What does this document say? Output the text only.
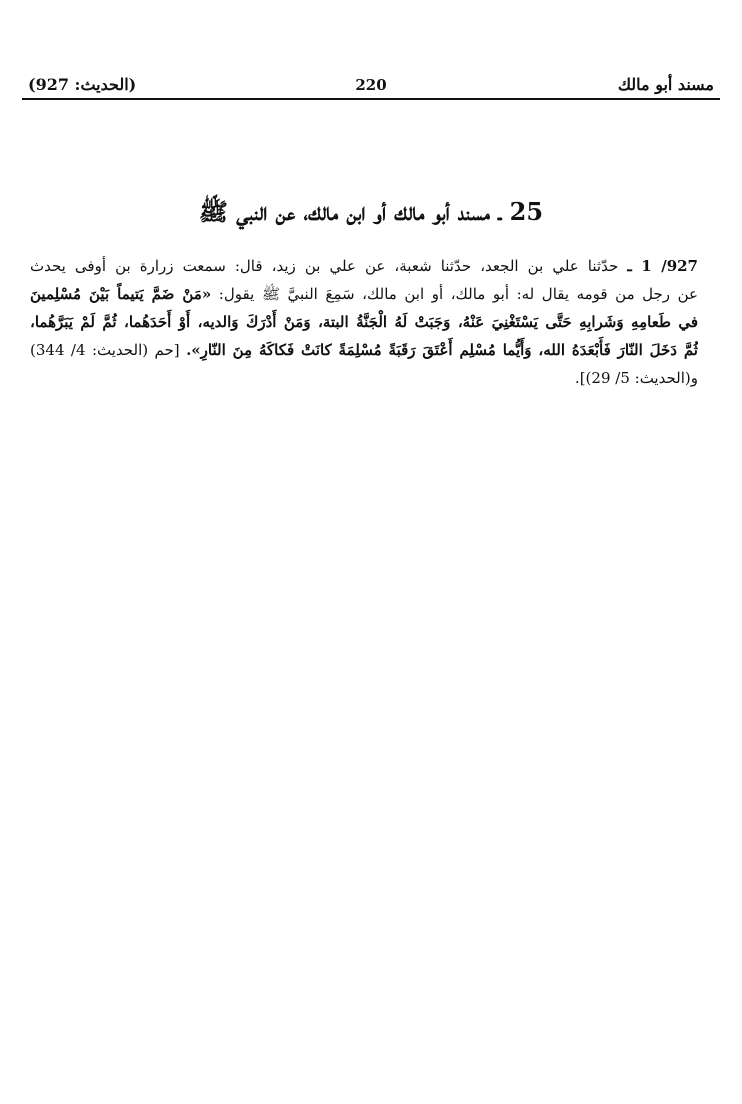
(الحديث: 927)	220	مسند أبو مالك
25 ـ مسند أبو مالك أو ابن مالك، عن النبي ﷺ
927/ 1 ـ حدّثنا علي بن الجعد، حدّثنا شعبة، عن علي بن زيد، قال: سمعت زرارة بن أوفى يحدث
عن رجل من قومه يقال له: أبو مالك، أو ابن مالك، سَمِعَ النبيَّ ﷺ يقول: «مَنْ ضَمَّ يَتيماً بَيْنَ مُسْلِمينَ
في طَعامِهِ وَشَرابِهِ حَتَّى يَسْتَغْنِيَ عَنْهُ، وَجَبَتْ لَهُ الْجَنَّةُ البتة، وَمَنْ أَدْرَكَ وَالديه، أَوْ أَحَدَهُما، ثُمَّ لَمْ يَبَرَّهُما،
ثُمَّ دَخَلَ النّارَ فَأَبْعَدَهُ الله، وَأَيُّما مُسْلِم أَعْتَقَ رَقَبَةً مُسْلِمَةً كانَتْ فَكاكَهُ مِنَ النّارِ». [حم (الحديث: 4/ 344)
و(الحديث: 5/ 29)].
